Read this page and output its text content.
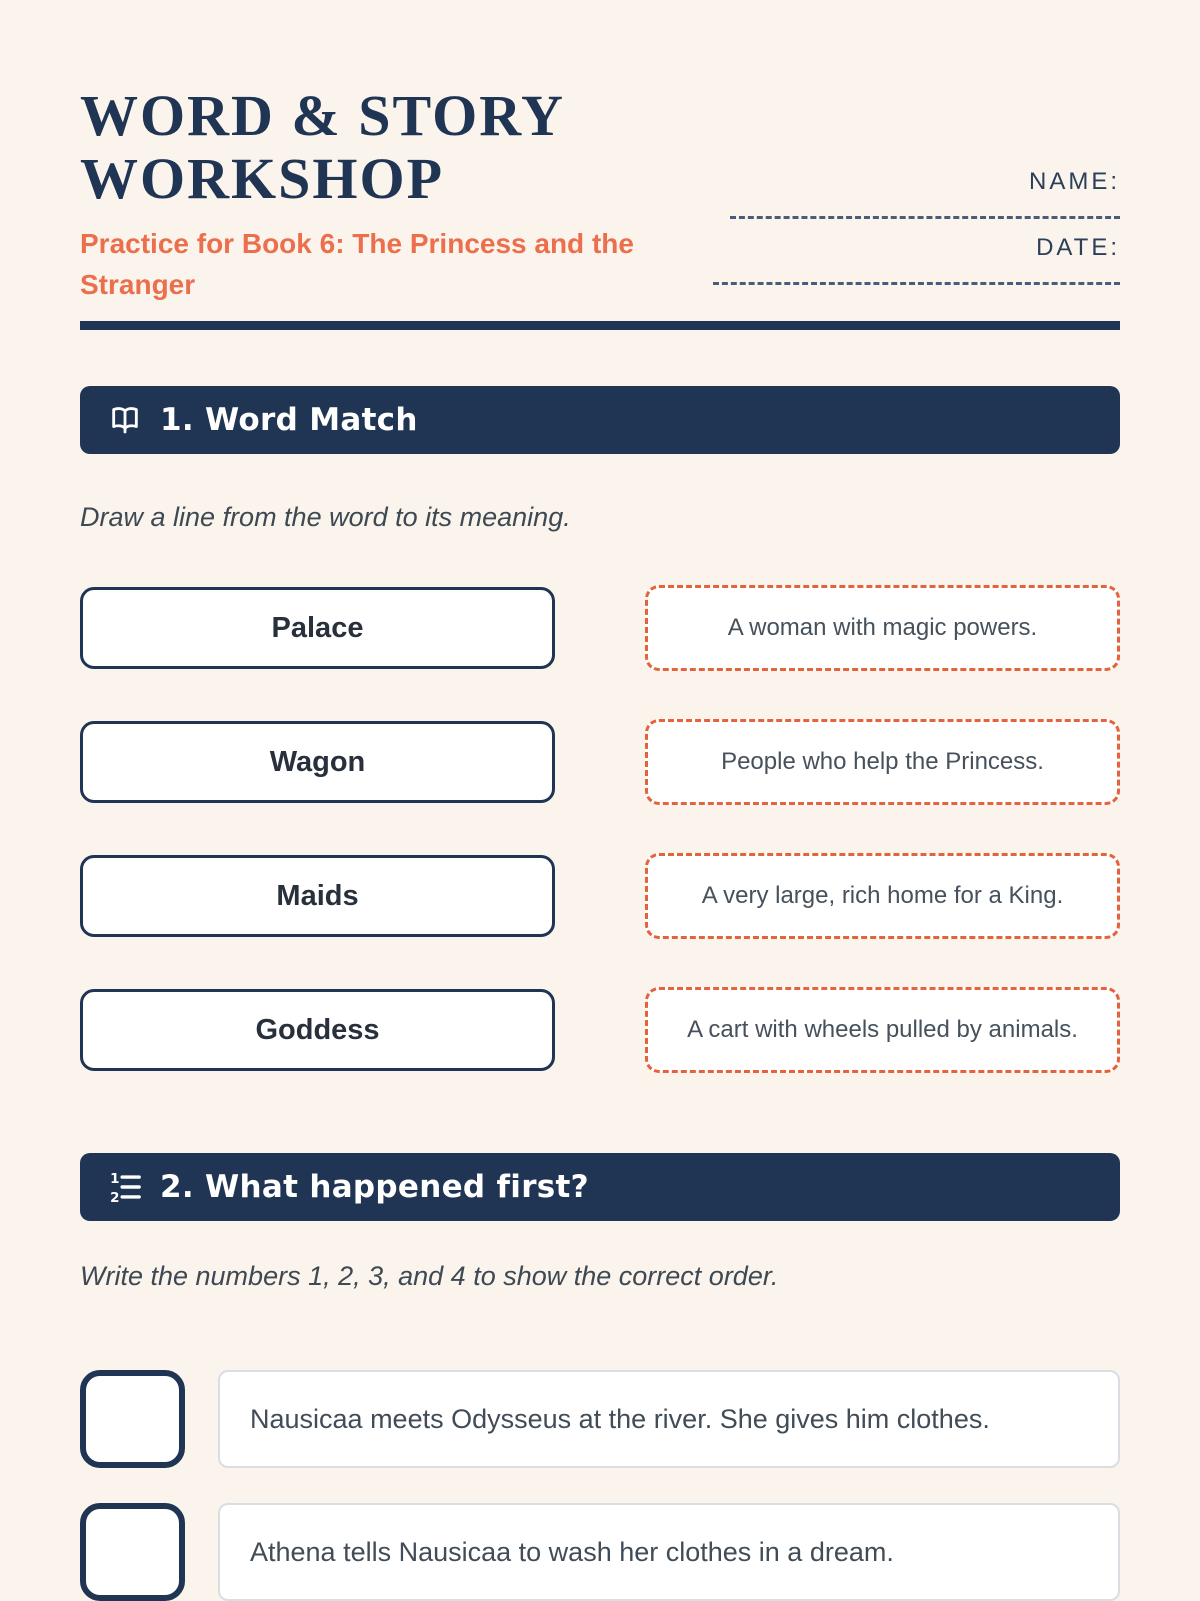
WORD & STORY
WORKSHOP
Practice for Book 6: The Princess and the Stranger
NAME:
DATE:
1. Word Match
Draw a line from the word to its meaning.
Palace	A woman with magic powers.
Wagon	People who help the Princess.
Maids	A very large, rich home for a King.
Goddess	A cart with wheels pulled by animals.
1
2 2. What happened first?
Write the numbers 1, 2, 3, and 4 to show the correct order.
Nausicaa meets Odysseus at the river. She gives him clothes.
Athena tells Nausicaa to wash her clothes in a dream.
